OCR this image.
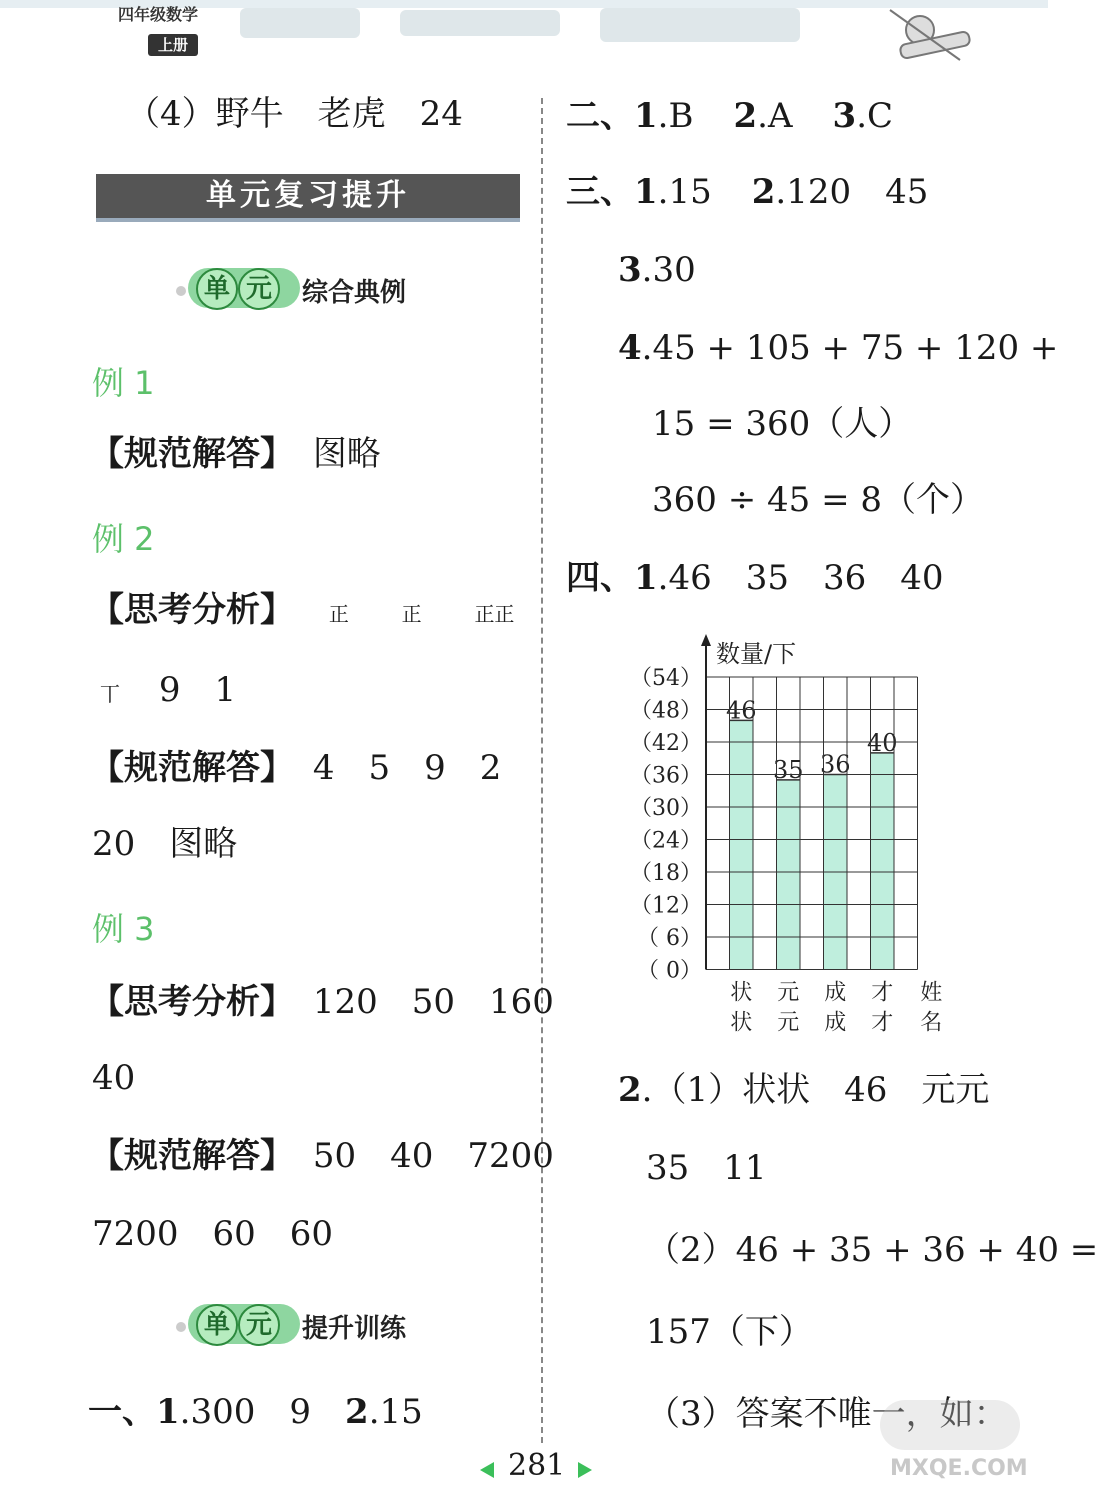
四年级数学
上册
（4）野牛　老虎　24
单元复习提升
单 元	综合典例
例 1
【规范解答】 图略
例 2
【思考分析】 正	正	正正
丅 9　1
【规范解答】 4　5　9　2
20　图略
例 3
【思考分析】 120　50　160
40
【规范解答】 50　40　7200
7200　60　60
单 元	提升训练
一、1.300　9　2.15
二、1.B 2.A 3.C
三、1.15 2.120　45
3.30
4.45 + 105 + 75 + 120 +
15 = 360（人）
360 ÷ 45 = 8（个）
四、1.46　35　36　40
46
35 36
40
数量/下
（54）
（48）
（42）
（36）
（30）
（24）
（18）
（12）
（ 6）
（ 0）
状
状
元
元
成
成
才
才
姓
名
2.（1）状状　46　元元
35　11
（2）46 + 35 + 36 + 40 =
157（下）
（3）答案不唯一，如：
281	MXQE.COM
